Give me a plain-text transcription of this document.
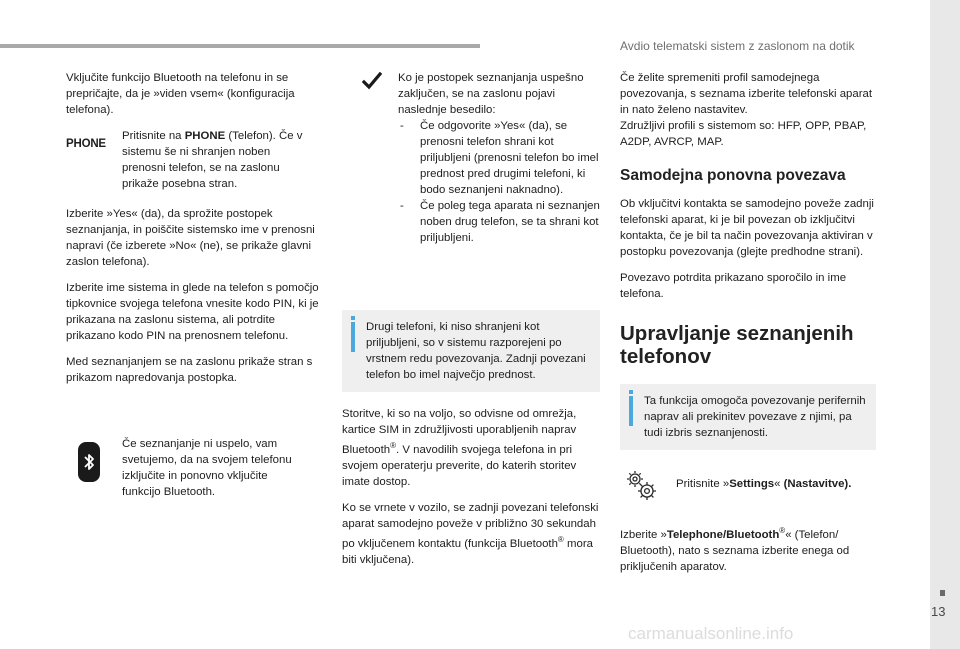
Avdio telematski sistem z zaslonom na dotik
13
carmanualsonline.info

Vključite funkcijo Bluetooth na telefonu in se prepričajte, da je »viden vsem« (konfiguracija telefona).

PHONE
Pritisnite na PHONE (Telefon). Če v sistemu še ni shranjen noben prenosni telefon, se na zaslonu prikaže posebna stran.

Izberite »Yes« (da), da sprožite postopek seznanjanja, in poiščite sistemsko ime v prenosni napravi (če izberete »No« (ne), se prikaže glavni zaslon telefona).

Izberite ime sistema in glede na telefon s pomočjo tipkovnice svojega telefona vnesite kodo PIN, ki je prikazana na zaslonu sistema, ali potrdite prikazano kodo PIN na prenosnem telefonu.

Med seznanjanjem se na zaslonu prikaže stran s prikazom napredovanja postopka.

Če seznanjanje ni uspelo, vam svetujemo, da na svojem telefonu izključite in ponovno vključite funkcijo Bluetooth.
Ko je postopek seznanjanja uspešno zaključen, se na zaslonu pojavi naslednje besedilo:
- Če odgovorite »Yes« (da), se prenosni telefon shrani kot priljubljeni (prenosni telefon bo imel prednost pred drugimi telefoni, ki bodo seznanjeni naknadno).
- Če poleg tega aparata ni seznanjen noben drug telefon, se ta shrani kot priljubljeni.
Drugi telefoni, ki niso shranjeni kot priljubljeni, so v sistemu razporejeni po vrstnem redu povezovanja. Zadnji povezani telefon bo imel največjo prednost.

Storitve, ki so na voljo, so odvisne od omrežja, kartice SIM in združljivosti uporabljenih naprav Bluetooth®. V navodilih svojega telefona in pri svojem operaterju preverite, do katerih storitev imate dostop.

Ko se vrnete v vozilo, se zadnji povezani telefonski aparat samodejno poveže v približno 30 sekundah po vključenem kontaktu (funkcija Bluetooth® mora biti vključena).

Če želite spremeniti profil samodejnega povezovanja, s seznama izberite telefonski aparat in nato želeno nastavitev.

Združljivi profili s sistemom so: HFP, OPP, PBAP, A2DP, AVRCP, MAP.

Samodejna ponovna povezava

Ob vključitvi kontakta se samodejno poveže zadnji telefonski aparat, ki je bil povezan ob izključitvi kontakta, če je bil ta način povezovanja aktiviran v postopku povezovanja (glejte predhodne strani).

Povezavo potrdita prikazano sporočilo in ime telefona.

Upravljanje seznanjenih telefonov
Ta funkcija omogoča povezovanje perifernih naprav ali prekinitev povezave z njimi, pa tudi izbris seznanjenosti.
Pritisnite »Settings« (Nastavitve).

Izberite »Telephone/Bluetooth®« (Telefon/ Bluetooth), nato s seznama izberite enega od priključenih aparatov.
